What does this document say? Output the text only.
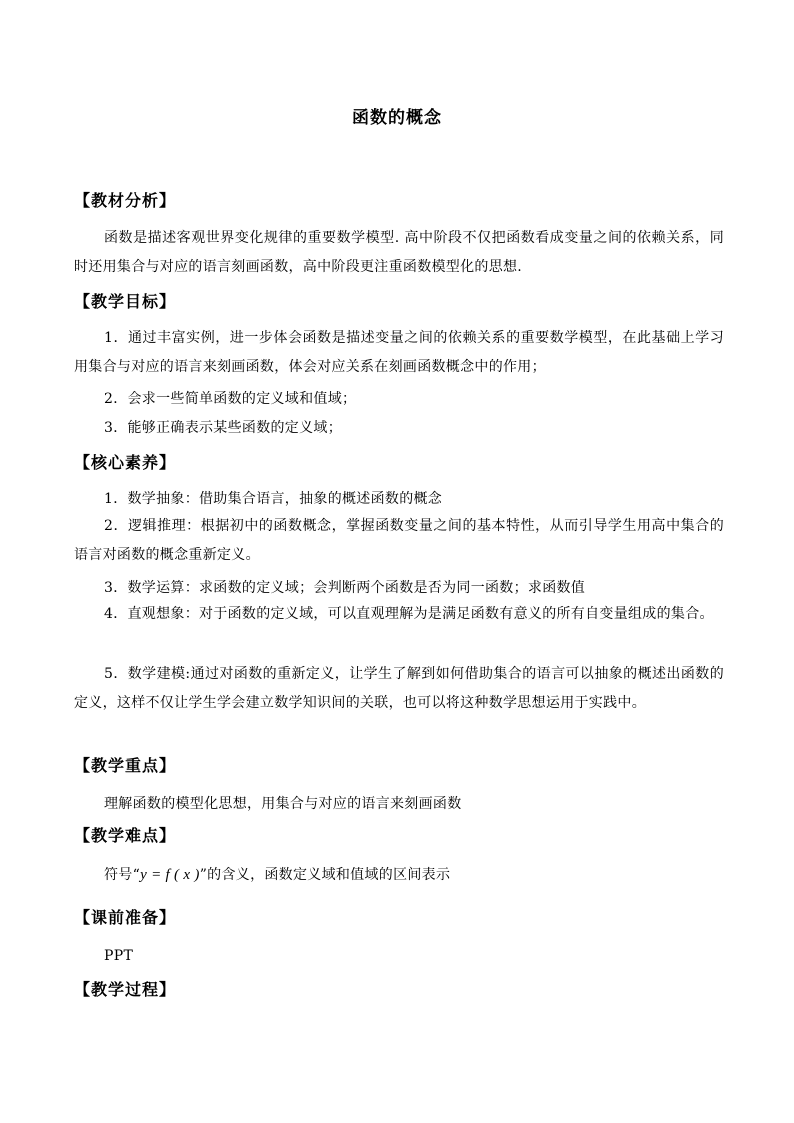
函数的概念
【教材分析】
函数是描述客观世界变化规律的重要数学模型. 高中阶段不仅把函数看成变量之间的依赖关系，同时还用集合与对应的语言刻画函数，高中阶段更注重函数模型化的思想.
【教学目标】
1．通过丰富实例，进一步体会函数是描述变量之间的依赖关系的重要数学模型，在此基础上学习用集合与对应的语言来刻画函数，体会对应关系在刻画函数概念中的作用；
2．会求一些简单函数的定义域和值域；
3．能够正确表示某些函数的定义域；
【核心素养】
1．数学抽象：借助集合语言，抽象的概述函数的概念
2．逻辑推理：根据初中的函数概念，掌握函数变量之间的基本特性，从而引导学生用高中集合的语言对函数的概念重新定义。
3．数学运算：求函数的定义域；会判断两个函数是否为同一函数；求函数值
4．直观想象：对于函数的定义域，可以直观理解为是满足函数有意义的所有自变量组成的集合。
5．数学建模:通过对函数的重新定义，让学生了解到如何借助集合的语言可以抽象的概述出函数的定义，这样不仅让学生学会建立数学知识间的关联，也可以将这种数学思想运用于实践中。
【教学重点】
理解函数的模型化思想，用集合与对应的语言来刻画函数
【教学难点】
符号“y = f ( x )”的含义，函数定义域和值域的区间表示
【课前准备】
PPT
【教学过程】
